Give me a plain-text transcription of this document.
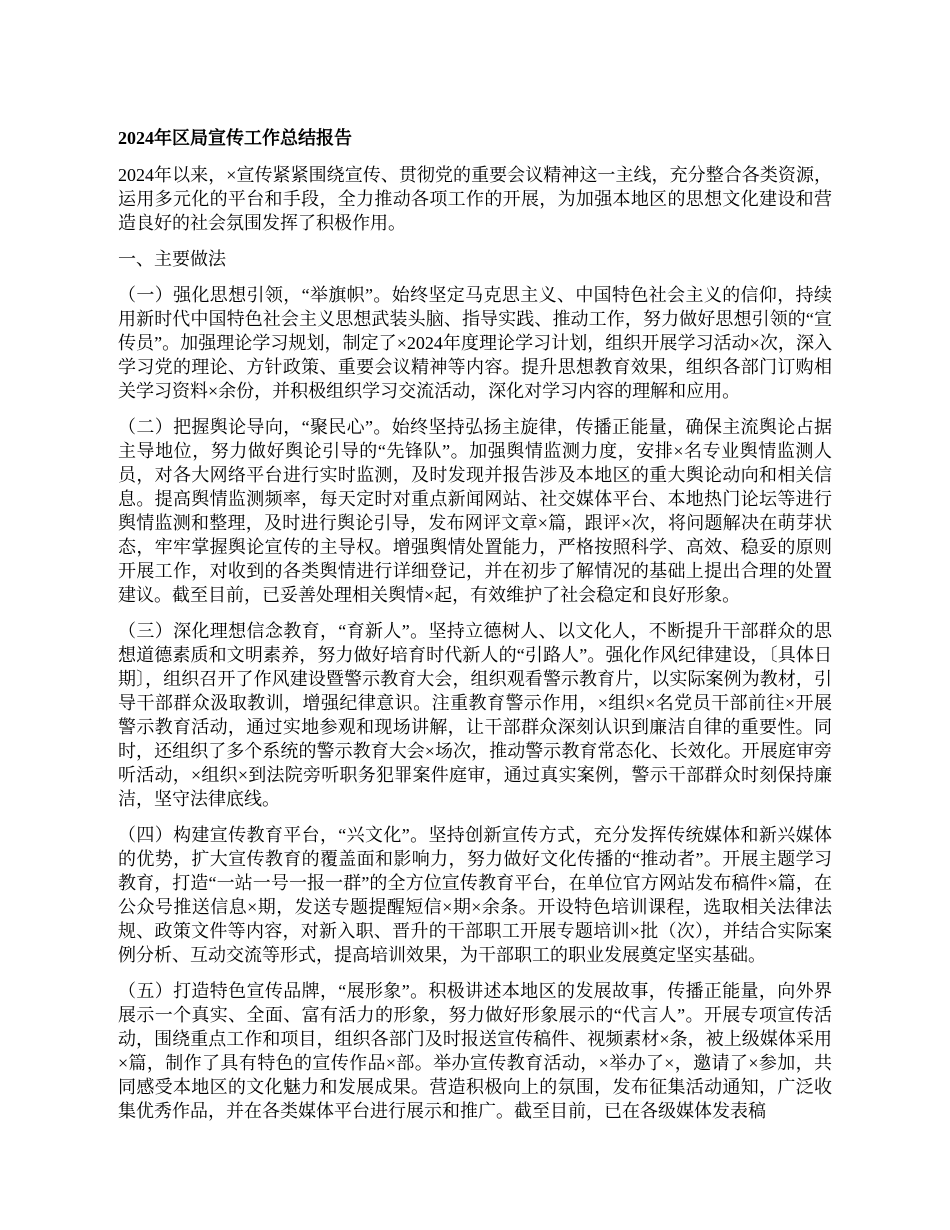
2024年区局宣传工作总结报告

2024年以来，×宣传紧紧围绕宣传、贯彻党的重要会议精神这一主线，充分整合各类资源，运用多元化的平台和手段，全力推动各项工作的开展，为加强本地区的思想文化建设和营造良好的社会氛围发挥了积极作用。

一、主要做法

（一）强化思想引领，“举旗帜”。始终坚定马克思主义、中国特色社会主义的信仰，持续用新时代中国特色社会主义思想武装头脑、指导实践、推动工作，努力做好思想引领的“宣传员”。加强理论学习规划，制定了×2024年度理论学习计划，组织开展学习活动×次，深入学习党的理论、方针政策、重要会议精神等内容。提升思想教育效果，组织各部门订购相关学习资料×余份，并积极组织学习交流活动，深化对学习内容的理解和应用。

（二）把握舆论导向，“聚民心”。始终坚持弘扬主旋律，传播正能量，确保主流舆论占据主导地位，努力做好舆论引导的“先锋队”。加强舆情监测力度，安排×名专业舆情监测人员，对各大网络平台进行实时监测，及时发现并报告涉及本地区的重大舆论动向和相关信息。提高舆情监测频率，每天定时对重点新闻网站、社交媒体平台、本地热门论坛等进行舆情监测和整理，及时进行舆论引导，发布网评文章×篇，跟评×次，将问题解决在萌芽状态，牢牢掌握舆论宣传的主导权。增强舆情处置能力，严格按照科学、高效、稳妥的原则开展工作，对收到的各类舆情进行详细登记，并在初步了解情况的基础上提出合理的处置建议。截至目前，已妥善处理相关舆情×起，有效维护了社会稳定和良好形象。

（三）深化理想信念教育，“育新人”。坚持立德树人、以文化人，不断提升干部群众的思想道德素质和文明素养，努力做好培育时代新人的“引路人”。强化作风纪律建设，〔具体日期〕，组织召开了作风建设暨警示教育大会，组织观看警示教育片，以实际案例为教材，引导干部群众汲取教训，增强纪律意识。注重教育警示作用，×组织×名党员干部前往×开展警示教育活动，通过实地参观和现场讲解，让干部群众深刻认识到廉洁自律的重要性。同时，还组织了多个系统的警示教育大会×场次，推动警示教育常态化、长效化。开展庭审旁听活动，×组织×到法院旁听职务犯罪案件庭审，通过真实案例，警示干部群众时刻保持廉洁，坚守法律底线。

（四）构建宣传教育平台，“兴文化”。坚持创新宣传方式，充分发挥传统媒体和新兴媒体的优势，扩大宣传教育的覆盖面和影响力，努力做好文化传播的“推动者”。开展主题学习教育，打造“一站一号一报一群”的全方位宣传教育平台，在单位官方网站发布稿件×篇，在公众号推送信息×期，发送专题提醒短信×期×余条。开设特色培训课程，选取相关法律法规、政策文件等内容，对新入职、晋升的干部职工开展专题培训×批（次），并结合实际案例分析、互动交流等形式，提高培训效果，为干部职工的职业发展奠定坚实基础。

（五）打造特色宣传品牌，“展形象”。积极讲述本地区的发展故事，传播正能量，向外界展示一个真实、全面、富有活力的形象，努力做好形象展示的“代言人”。开展专项宣传活动，围绕重点工作和项目，组织各部门及时报送宣传稿件、视频素材×条，被上级媒体采用×篇，制作了具有特色的宣传作品×部。举办宣传教育活动，×举办了×，邀请了×参加，共同感受本地区的文化魅力和发展成果。营造积极向上的氛围，发布征集活动通知，广泛收集优秀作品，并在各类媒体平台进行展示和推广。截至目前，已在各级媒体发表稿
